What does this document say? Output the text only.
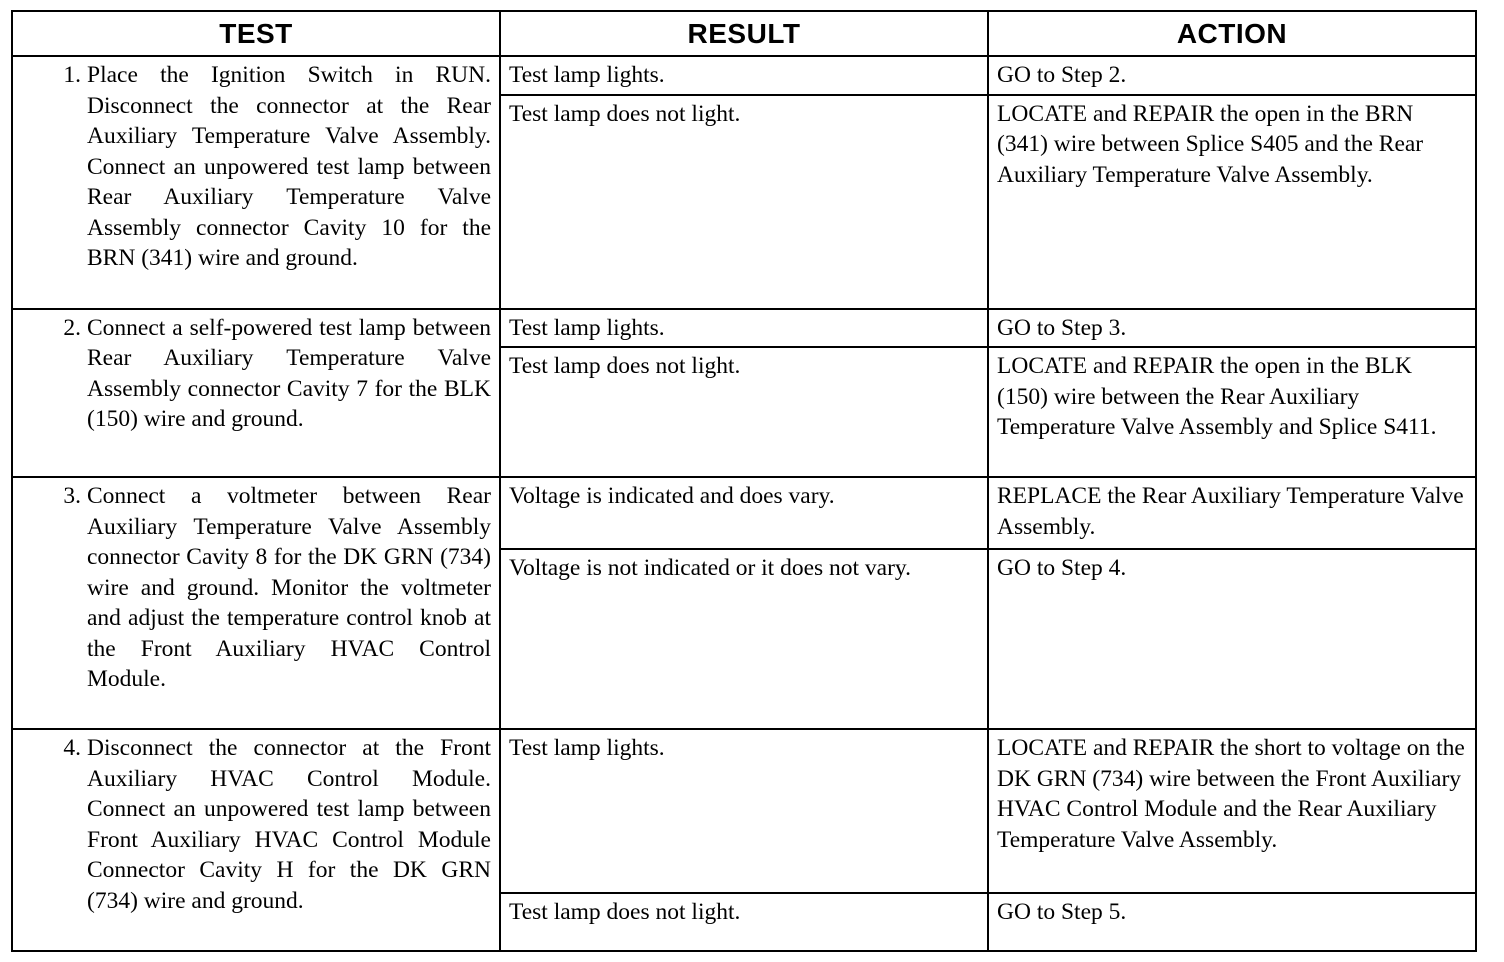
TEST	RESULT	ACTION

1. Place the Ignition Switch in RUN. Disconnect the connector at the Rear Auxiliary Temperature Valve Assembly. Connect an unpowered test lamp between Rear Auxiliary Temperature Valve Assembly connector Cavity 10 for the BRN (341) wire and ground.	Test lamp lights.	GO to Step 2.
	Test lamp does not light.	LOCATE and REPAIR the open in the BRN (341) wire between Splice S405 and the Rear Auxiliary Temperature Valve Assembly.

2. Connect a self-powered test lamp between Rear Auxiliary Temperature Valve Assembly connector Cavity 7 for the BLK (150) wire and ground.	Test lamp lights.	GO to Step 3.
	Test lamp does not light.	LOCATE and REPAIR the open in the BLK (150) wire between the Rear Auxiliary Temperature Valve Assembly and Splice S411.

3. Connect a voltmeter between Rear Auxiliary Temperature Valve Assembly connector Cavity 8 for the DK GRN (734) wire and ground. Monitor the voltmeter and adjust the temperature control knob at the Front Auxiliary HVAC Control Module.	Voltage is indicated and does vary.	REPLACE the Rear Auxiliary Temperature Valve Assembly.
	Voltage is not indicated or it does not vary.	GO to Step 4.

4. Disconnect the connector at the Front Auxiliary HVAC Control Module. Connect an unpowered test lamp between Front Auxiliary HVAC Control Module Connector Cavity H for the DK GRN (734) wire and ground.	Test lamp lights.	LOCATE and REPAIR the short to voltage on the DK GRN (734) wire between the Front Auxiliary HVAC Control Module and the Rear Auxiliary Temperature Valve Assembly.
	Test lamp does not light.	GO to Step 5.
